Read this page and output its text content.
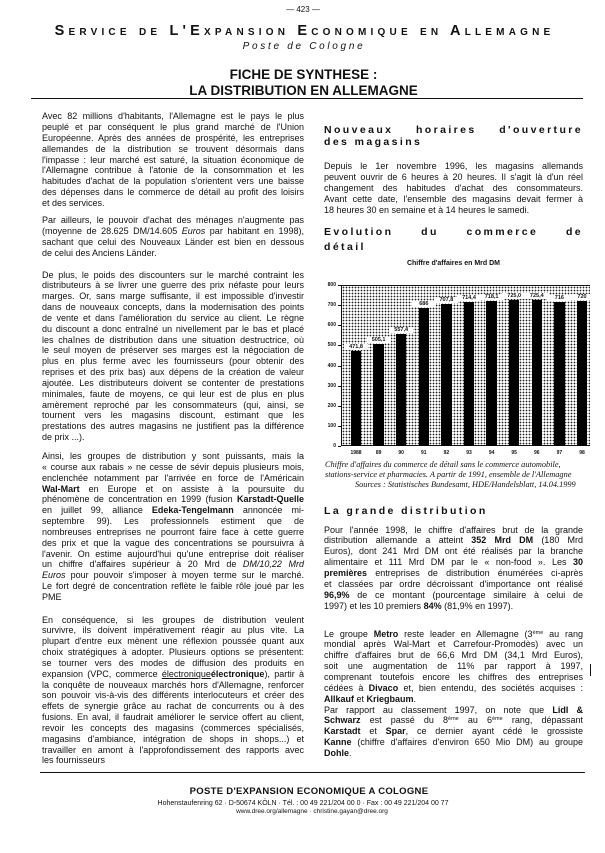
— 423 —
Service de L'Expansion Economique en Allemagne
Poste de Cologne
FICHE DE SYNTHESE :
LA DISTRIBUTION EN ALLEMAGNE
Avec 82 millions d'habitants, l'Allemagne est le pays le plus
peuplé et par conséquent le plus grand marché de l'Union
Européenne. Après des années de prospérité, les entreprises
allemandes de la distribution se trouvent désormais dans
l'impasse : leur marché est saturé, la situation économique de
l'Allemagne contribue à l'atonie de la consommation et les
habitudes d'achat de la population s'orientent vers une baisse
des dépenses dans le commerce de détail au profit des loisirs
et des services.
Par ailleurs, le pouvoir d'achat des ménages n'augmente pas
(moyenne de 28.625 DM/14.605 Euros par habitant en 1998),
sachant que celui des Nouveaux Länder est bien en dessous
de celui des Anciens Länder.
De plus, le poids des discounters sur le marché contraint les
distributeurs à se livrer une guerre des prix néfaste pour leurs
marges. Or, sans marge suffisante, il est impossible d'investir
dans de nouveaux concepts, dans la modernisation des points
de vente et dans l'amélioration du service au client. Le règne
du discount a donc entraîné un nivellement par le bas et placé
les chaînes de distribution dans une situation destructrice, où
le seul moyen de préserver ses marges est la négociation de
plus en plus ferme avec les fournisseurs (pour obtenir des
reprises et des prix bas) aux dépens de la création de valeur
ajoutée. Les distributeurs doivent se contenter de prestations
minimales, faute de moyens, ce qui leur est de plus en plus
amèrement reproché par les consommateurs (qui, ainsi, se
tournent vers les magasins discount, estimant que les
prestations des autres magasins ne justifient pas la différence
de prix ...).
Ainsi, les groupes de distribution y sont puissants, mais la
« course aux rabais » ne cesse de sévir depuis plusieurs mois,
enclenchée notamment par l'arrivée en force de l'Américain
Wal-Mart en Europe et on assiste à la poursuite du
phénomène de concentration en 1999 (fusion Karstadt-Quelle
en juillet 99, alliance Edeka-Tengelmann annoncée mi-
septembre 99). Les professionnels estiment que de
nombreuses entreprises ne pourront faire face à cette guerre
des prix et que la vague des concentrations se poursuivra à
l'avenir. On estime aujourd'hui qu'une entreprise doit réaliser
un chiffre d'affaires supérieur à 20 Mrd de DM/10,22 Mrd
Euros pour pouvoir s'imposer à moyen terme sur le marché.
Le fort degré de concentration reflète le faible rôle joué par les
PME
En conséquence, si les groupes de distribution veulent
survivre, ils doivent impérativement réagir au plus vite. La
plupart d'entre eux mènent une réflexion poussée quant aux
choix stratégiques à adopter. Plusieurs options se présentent:
se tourner vers des modes de diffusion des produits en
expansion (VPC, commerce électroniqueélectronique), partir à
la conquête de nouveaux marchés hors d'Allemagne, renforcer
son pouvoir vis-à-vis des différents interlocuteurs et créer des
effets de synergie grâce au rachat de concurrents ou à des
fusions. En aval, il faudrait améliorer le service offert au client,
revoir les concepts des magasins (commerces spécialisés,
magasins d'ambiance, intégration de shops in shops...) et
travailler en amont à l'approfondissement des rapports avec
les fournisseurs
Nouveaux horaires d'ouverture
des magasins
Depuis le 1er novembre 1996, les magasins allemands
peuvent ouvrir de 6 heures à 20 heures. Il s'agit là d'un réel
changement des habitudes d'achat des consommateurs.
Avant cette date, l'ensemble des magasins devait fermer à
18 heures 30 en semaine et à 14 heures le samedi.
Evolution du commerce de
détail
Chiffre d'affaires en Mrd DM
0
100
200
300
400
500
600
700
800
471,8
1988
505,1
89
557,4
90
686
91
707,8
92
714,4
93
718,1
94
725,0
95
725,4
96
716
97
720
98
Chiffre d'affaires du commerce de détail sans le commerce automobile,
stations-service et pharmacies. A partir de 1991, ensemble de l'Allemagne
Sources : Statistisches Bundesamt, HDE/Handelsblatt, 14.04.1999
La grande distribution
Pour l'année 1998, le chiffre d'affaires brut de la grande
distribution allemande a atteint 352 Mrd DM (180 Mrd
Euros), dont 241 Mrd DM ont été réalisés par la branche
alimentaire et 111 Mrd DM par le « non-food ». Les 30
premières entreprises de distribution énumérées ci-après
et classées par ordre décroissant d'importance ont réalisé
96,9% de ce montant (pourcentage similaire à celui de
1997) et les 10 premiers 84% (81,9% en 1997).
Le groupe Metro reste leader en Allemagne (3ème au rang
mondial après Wal-Mart et Carrefour-Promodès) avec un
chiffre d'affaires brut de 66,6 Mrd DM (34,1 Mrd Euros),
soit une augmentation de 11% par rapport à 1997,
comprenant toutefois encore les chiffres des entreprises
cédées à Divaco et, bien entendu, des sociétés acquises :
Allkauf et Kriegbaum.
Par rapport au classement 1997, on note que Lidl &
Schwarz est passé du 8ème au 6ème rang, dépassant
Karstadt et Spar, ce dernier ayant cédé le grossiste
Kanne (chiffre d'affaires d'environ 650 Mio DM) au groupe
Dohle.
POSTE D'EXPANSION ECONOMIQUE A COLOGNE
Hohenstaufenring 62 · D-50674 KÖLN · Tél. : 00 49 221/204 00 0 · Fax : 00 49 221/204 00 77
www.dree.org/allemagne · christine.gayan@dree.org
